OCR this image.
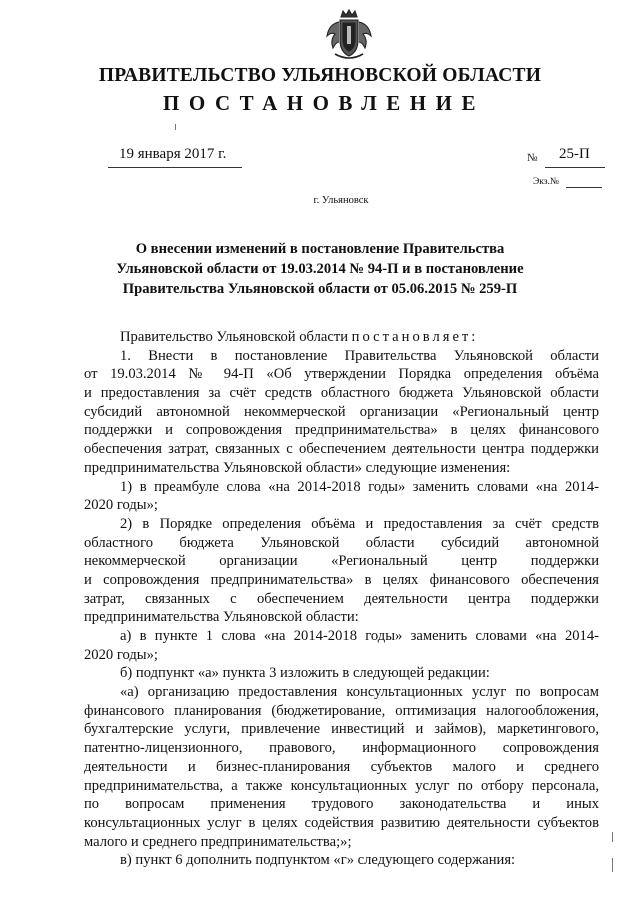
ПРАВИТЕЛЬСТВО УЛЬЯНОВСКОЙ ОБЛАСТИ
ПОСТАНОВЛЕНИЕ
19 января 2017 г.	№ 25-П
Экз.№
г. Ульяновск
О внесении изменений в постановление Правительства
Ульяновской области от 19.03.2014 № 94-П и в постановление
Правительства Ульяновской области от 05.06.2015 № 259-П
Правительство Ульяновской области постановляет:
1. Внести в постановление Правительства Ульяновской области
от 19.03.2014 № 94-П «Об утверждении Порядка определения объёма
и предоставления за счёт средств областного бюджета Ульяновской области
субсидий автономной некоммерческой организации «Региональный центр
поддержки и сопровождения предпринимательства» в целях финансового
обеспечения затрат, связанных с обеспечением деятельности центра поддержки
предпринимательства Ульяновской области» следующие изменения:
1) в преамбуле слова «на 2014-2018 годы» заменить словами «на 2014-
2020 годы»;
2) в Порядке определения объёма и предоставления за счёт средств
областного бюджета Ульяновской области субсидий автономной
некоммерческой организации «Региональный центр поддержки
и сопровождения предпринимательства» в целях финансового обеспечения
затрат, связанных с обеспечением деятельности центра поддержки
предпринимательства Ульяновской области:
а) в пункте 1 слова «на 2014-2018 годы» заменить словами «на 2014-
2020 годы»;
б) подпункт «а» пункта 3 изложить в следующей редакции:
«а) организацию предоставления консультационных услуг по вопросам
финансового планирования (бюджетирование, оптимизация налогообложения,
бухгалтерские услуги, привлечение инвестиций и займов), маркетингового,
патентно-лицензионного, правового, информационного сопровождения
деятельности и бизнес-планирования субъектов малого и среднего
предпринимательства, а также консультационных услуг по отбору персонала,
по вопросам применения трудового законодательства и иных
консультационных услуг в целях содействия развитию деятельности субъектов
малого и среднего предпринимательства;»;
в) пункт 6 дополнить подпунктом «г» следующего содержания:
